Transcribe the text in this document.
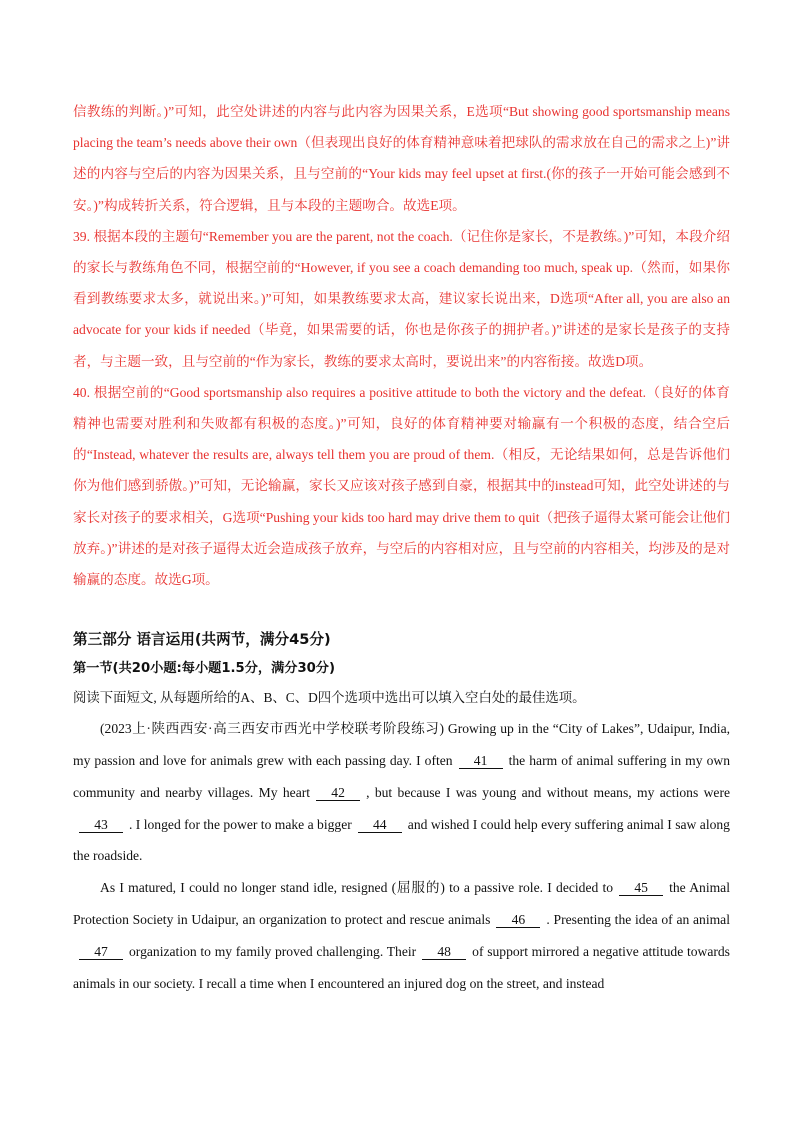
信教练的判断。)”可知，此空处讲述的内容与此内容为因果关系，E选项“But showing good sportsmanship means placing the team’s needs above their own（但表现出良好的体育精神意味着把球队的需求放在自己的需求之上)”讲述的内容与空后的内容为因果关系，且与空前的“Your kids may feel upset at first.(你的孩子一开始可能会感到不安。)”构成转折关系，符合逻辑，且与本段的主题吻合。故选E项。

39. 根据本段的主题句“Remember you are the parent, not the coach.（记住你是家长，不是教练。)”可知，本段介绍的家长与教练角色不同，根据空前的“However, if you see a coach demanding too much, speak up.（然而，如果你看到教练要求太多，就说出来。)”可知，如果教练要求太高，建议家长说出来，D选项“After all, you are also an advocate for your kids if needed（毕竟，如果需要的话，你也是你孩子的拥护者。)”讲述的是家长是孩子的支持者，与主题一致，且与空前的“作为家长，教练的要求太高时，要说出来”的内容衔接。故选D项。

40. 根据空前的“Good sportsmanship also requires a positive attitude to both the victory and the defeat.（良好的体育精神也需要对胜利和失败都有积极的态度。)”可知，良好的体育精神要对输赢有一个积极的态度，结合空后的“Instead, whatever the results are, always tell them you are proud of them.（相反，无论结果如何，总是告诉他们你为他们感到骄傲。)”可知，无论输赢，家长又应该对孩子感到自豪，根据其中的instead可知，此空处讲述的与家长对孩子的要求相关，G选项“Pushing your kids too hard may drive them to quit（把孩子逼得太紧可能会让他们放弃。)”讲述的是对孩子逼得太近会造成孩子放弃，与空后的内容相对应，且与空前的内容相关，均涉及的是对输赢的态度。故选G项。

第三部分 语言运用(共两节，满分45分)

第一节(共20小题:每小题1.5分，满分30分)

阅读下面短文, 从每题所给的A、B、C、D四个选项中选出可以填入空白处的最佳选项。

(2023上·陕西西安·高三西安市西光中学校联考阶段练习) Growing up in the “City of Lakes”, Udaipur, India, my passion and love for animals grew with each passing day. I often 41 the harm of animal suffering in my own community and nearby villages. My heart 42 , but because I was young and without means, my actions were43 . I longed for the power to make a bigger 44 and wished I could help every suffering animal I saw along the roadside.

As I matured, I could no longer stand idle, resigned (屈服的) to a passive role. I decided to 45 the Animal Protection Society in Udaipur, an organization to protect and rescue animals 46 . Presenting the idea of an animal47 organization to my family proved challenging. Their 48 of support mirrored a negative attitude towards animals in our society. I recall a time when I encountered an injured dog on the street, and instead
